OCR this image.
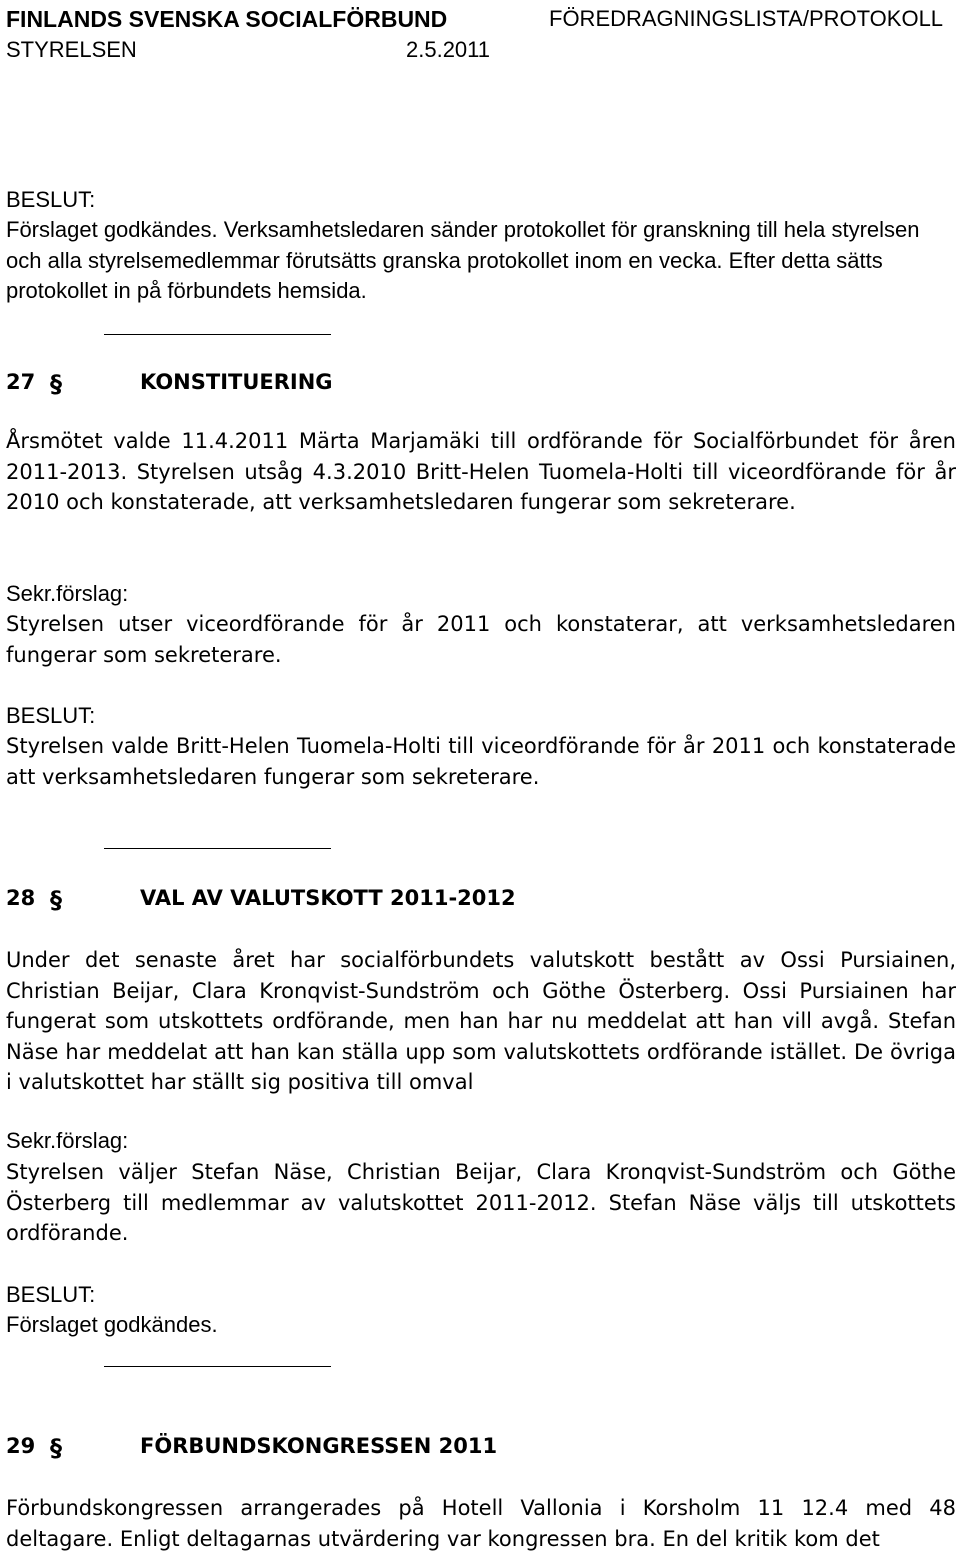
FINLANDS SVENSKA SOCIALFÖRBUND	FÖREDRAGNINGSLISTA/PROTOKOLL
STYRELSEN	2.5.2011
BESLUT:

Förslaget godkändes. Verksamhetsledaren sänder protokollet för granskning till hela styrelsen och alla styrelsemedlemmar förutsätts granska protokollet inom en vecka. Efter detta sätts protokollet in på förbundets hemsida.

27 §	KONSTITUERING

Årsmötet valde 11.4.2011 Märta Marjamäki till ordförande för Socialförbundet för åren 2011-2013. Styrelsen utsåg 4.3.2010 Britt-Helen Tuomela-Holti till viceordförande för år 2010 och konstaterade, att verksamhetsledaren fungerar som sekreterare.

Sekr.förslag:

Styrelsen utser viceordförande för år 2011 och konstaterar, att verksamhetsledaren fungerar som sekreterare.

BESLUT:

Styrelsen valde Britt-Helen Tuomela-Holti till viceordförande för år 2011 och konstaterade att verksamhetsledaren fungerar som sekreterare.

28 §	VAL AV VALUTSKOTT 2011-2012

Under det senaste året har socialförbundets valutskott bestått av Ossi Pursiainen, Christian Beijar, Clara Kronqvist-Sundström och Göthe Österberg. Ossi Pursiainen har fungerat som utskottets ordförande, men han har nu meddelat att han vill avgå. Stefan Näse har meddelat att han kan ställa upp som valutskottets ordförande istället. De övriga i valutskottet har ställt sig positiva till omval

Sekr.förslag:

Styrelsen väljer Stefan Näse, Christian Beijar, Clara Kronqvist-Sundström och Göthe Österberg till medlemmar av valutskottet 2011-2012. Stefan Näse väljs till utskottets ordförande.

BESLUT:

Förslaget godkändes.

29 §	FÖRBUNDSKONGRESSEN 2011

Förbundskongressen arrangerades på Hotell Vallonia i Korsholm 11 12.4 med 48 deltagare. Enligt deltagarnas utvärdering var kongressen bra. En del kritik kom det
